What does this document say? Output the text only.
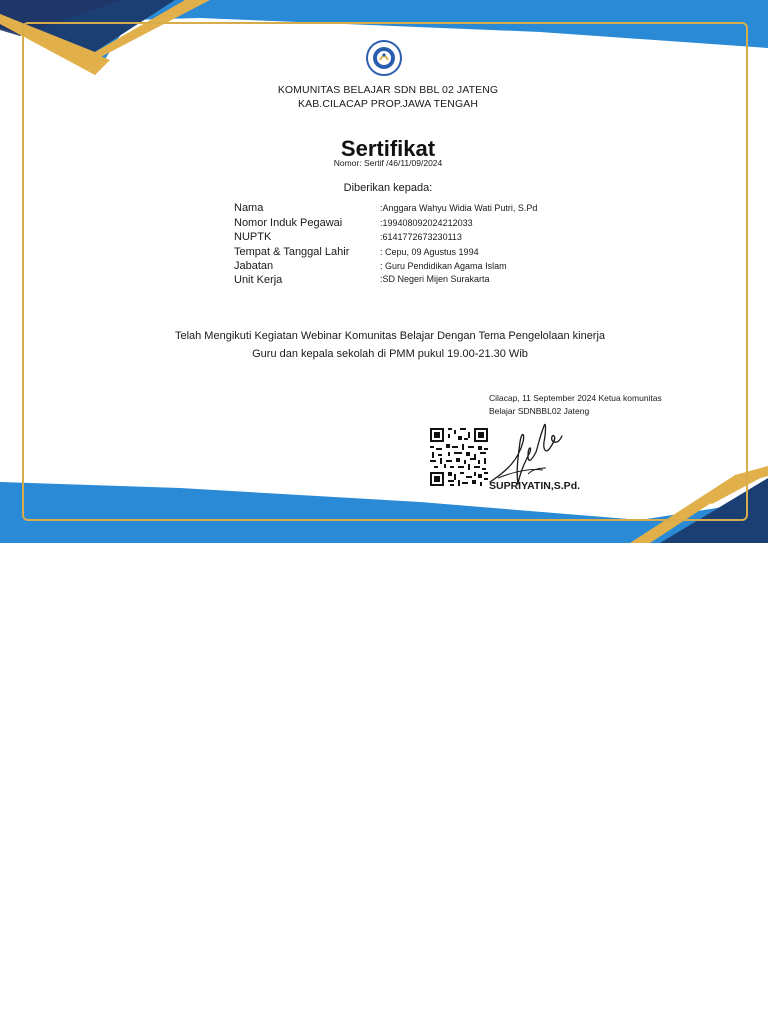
KOMUNITAS BELAJAR SDN BBL 02 JATENG
KAB.CILACAP PROP.JAWA TENGAH
Sertifikat
Nomor: Sertif /46/11/09/2024
Diberikan kepada:
Nama	:Anggara Wahyu Widia Wati Putri, S.Pd
Nomor Induk Pegawai	:199408092024212033
NUPTK	:6141772673230113
Tempat & Tanggal Lahir	: Cepu, 09 Agustus 1994
Jabatan	: Guru Pendidikan Agama Islam
Unit Kerja	:SD Negeri Mijen Surakarta
Telah Mengikuti Kegiatan Webinar Komunitas Belajar Dengan Tema Pengelolaan kinerja
Guru dan kepala sekolah di PMM pukul 19.00-21.30 Wib
Cilacap, 11 September 2024 Ketua komunitas
Belajar SDNBBL02 Jateng
SUPRIYATIN,S.Pd.
